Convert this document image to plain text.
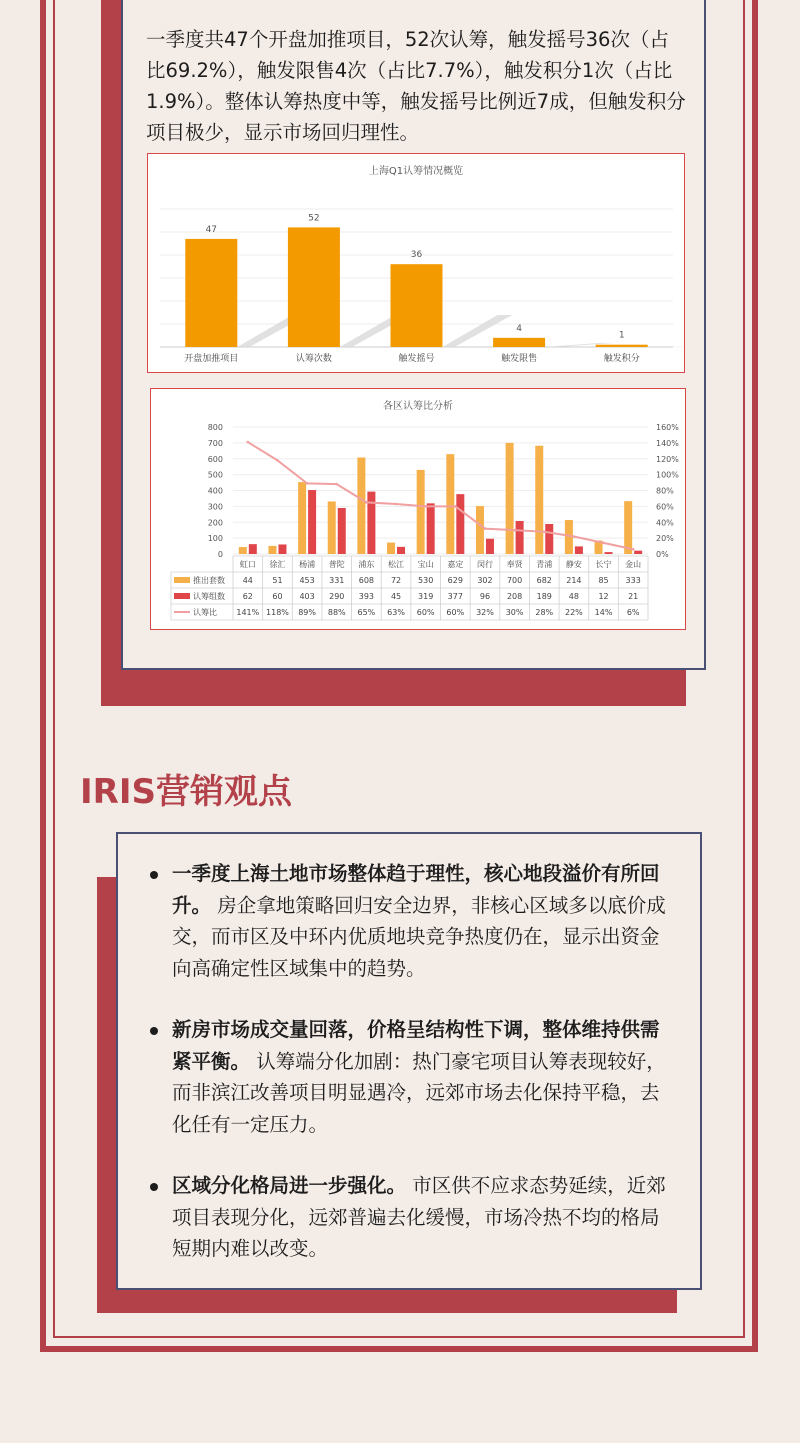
一季度共47个开盘加推项目，52次认筹，触发摇号36次（占比69.2%），触发限售4次（占比7.7%），触发积分1次（占比1.9%）。整体认筹热度中等，触发摇号比例近7成，但触发积分项目极少，显示市场回归理性。

上海Q1认筹情况概览
47
开盘加推项目
52
认筹次数
36
触发摇号
4
触发限售
1
触发积分
各区认筹比分析
800
700
600
500
400
300
200
100
0
160%
140%
120%
100%
80%
60%
40%
20%
0%
虹口
44
62
141%
徐汇
51
60
118%
杨浦
453
403
89%
普陀
331
290
88%
浦东
608
393
65%
松江
72
45
63%
宝山
530
319
60%
嘉定
629
377
60%
闵行
302
96
32%
奉贤
700
208
30%
青浦
682
189
28%
静安
214
48
22%
长宁
85
12
14%
金山
333
21
6%
推出套数
认筹组数
认筹比
IRIS营销观点
一季度上海土地市场整体趋于理性，核心地段溢价有所回升。 房企拿地策略回归安全边界，非核心区域多以底价成交，而市区及中环内优质地块竞争热度仍在，显示出资金向高确定性区域集中的趋势。
新房市场成交量回落，价格呈结构性下调，整体维持供需紧平衡。 认筹端分化加剧：热门豪宅项目认筹表现较好，而非滨江改善项目明显遇冷，远郊市场去化保持平稳，去化任有一定压力。
区域分化格局进一步强化。 市区供不应求态势延续，近郊项目表现分化，远郊普遍去化缓慢，市场冷热不均的格局短期内难以改变。
